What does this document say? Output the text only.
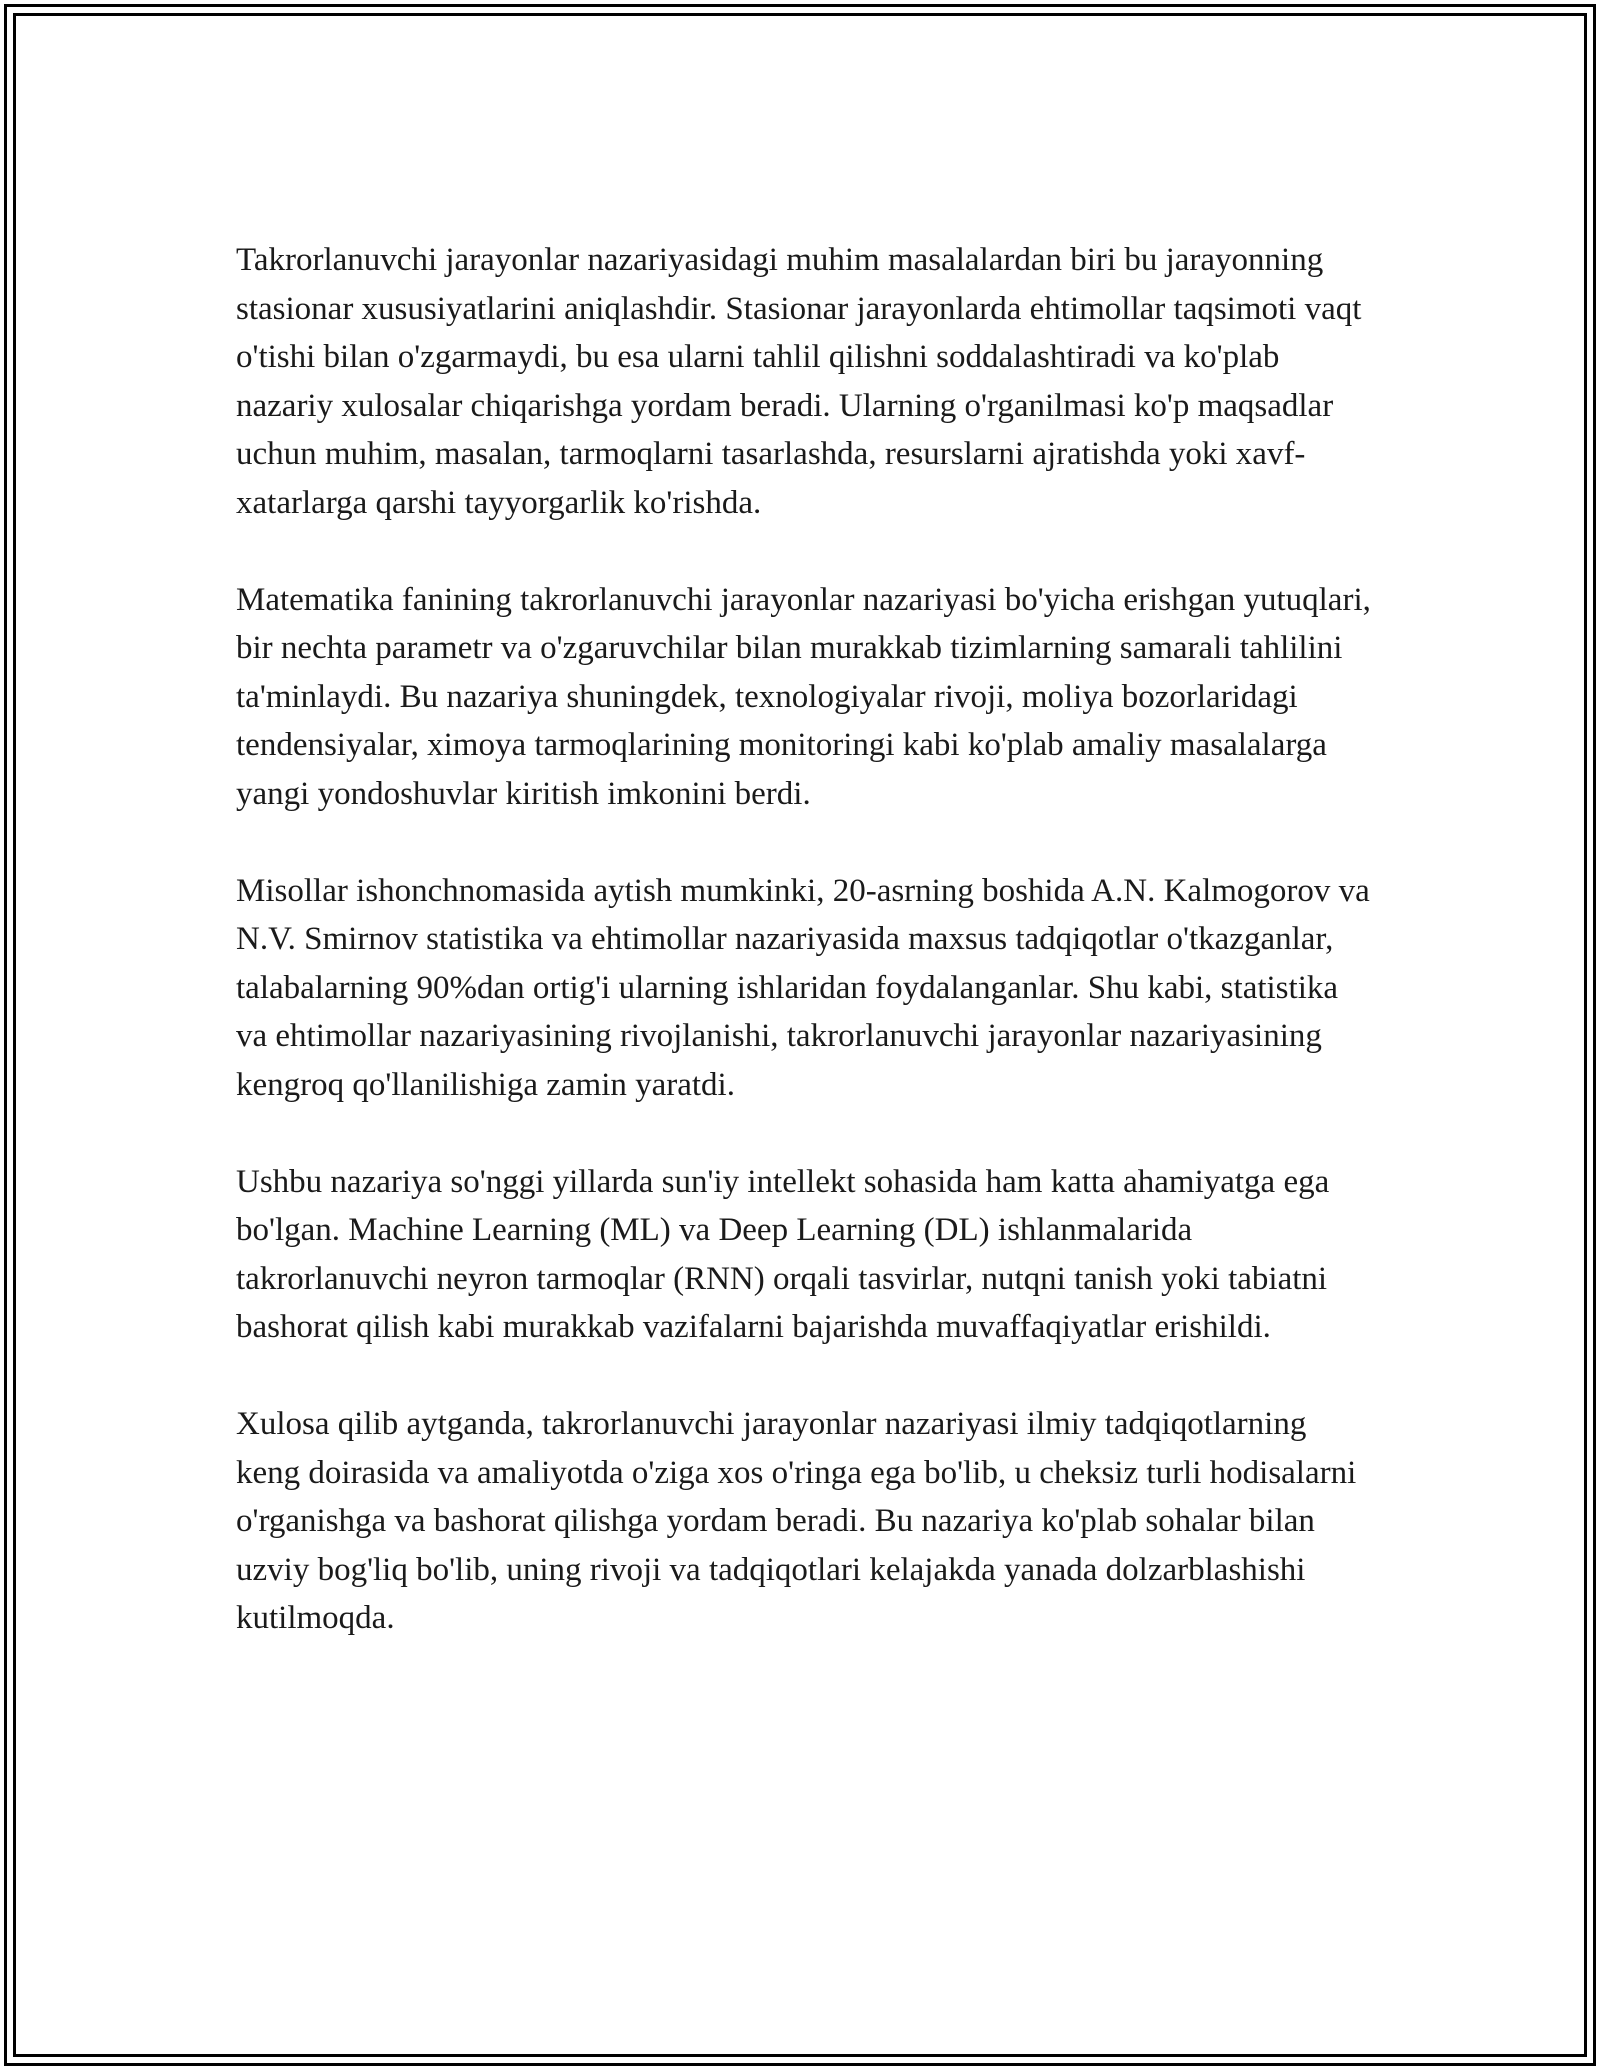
Takrorlanuvchi jarayonlar nazariyasidagi muhim masalalardan biri bu jarayonning stasionar xususiyatlarini aniqlashdir. Stasionar jarayonlarda ehtimollar taqsimoti vaqt o'tishi bilan o'zgarmaydi, bu esa ularni tahlil qilishni soddalashtiradi va ko'plab nazariy xulosalar chiqarishga yordam beradi. Ularning o'rganilmasi ko'p maqsadlar uchun muhim, masalan, tarmoqlarni tasarlashda, resurslarni ajratishda yoki xavf-xatarlarga qarshi tayyorgarlik ko'rishda.

Matematika fanining takrorlanuvchi jarayonlar nazariyasi bo'yicha erishgan yutuqlari, bir nechta parametr va o'zgaruvchilar bilan murakkab tizimlarning samarali tahlilini ta'minlaydi. Bu nazariya shuningdek, texnologiyalar rivoji, moliya bozorlaridagi tendensiyalar, ximoya tarmoqlarining monitoringi kabi ko'plab amaliy masalalarga yangi yondoshuvlar kiritish imkonini berdi.

Misollar ishonchnomasida aytish mumkinki, 20-asrning boshida A.N. Kalmogorov va N.V. Smirnov statistika va ehtimollar nazariyasida maxsus tadqiqotlar o'tkazganlar, talabalarning 90%dan ortig'i ularning ishlaridan foydalanganlar. Shu kabi, statistika va ehtimollar nazariyasining rivojlanishi, takrorlanuvchi jarayonlar nazariyasining kengroq qo'llanilishiga zamin yaratdi.

Ushbu nazariya so'nggi yillarda sun'iy intellekt sohasida ham katta ahamiyatga ega bo'lgan. Machine Learning (ML) va Deep Learning (DL) ishlanmalarida takrorlanuvchi neyron tarmoqlar (RNN) orqali tasvirlar, nutqni tanish yoki tabiatni bashorat qilish kabi murakkab vazifalarni bajarishda muvaffaqiyatlar erishildi.

Xulosa qilib aytganda, takrorlanuvchi jarayonlar nazariyasi ilmiy tadqiqotlarning keng doirasida va amaliyotda o'ziga xos o'ringa ega bo'lib, u cheksiz turli hodisalarni o'rganishga va bashorat qilishga yordam beradi. Bu nazariya ko'plab sohalar bilan uzviy bog'liq bo'lib, uning rivoji va tadqiqotlari kelajakda yanada dolzarblashishi kutilmoqda.
